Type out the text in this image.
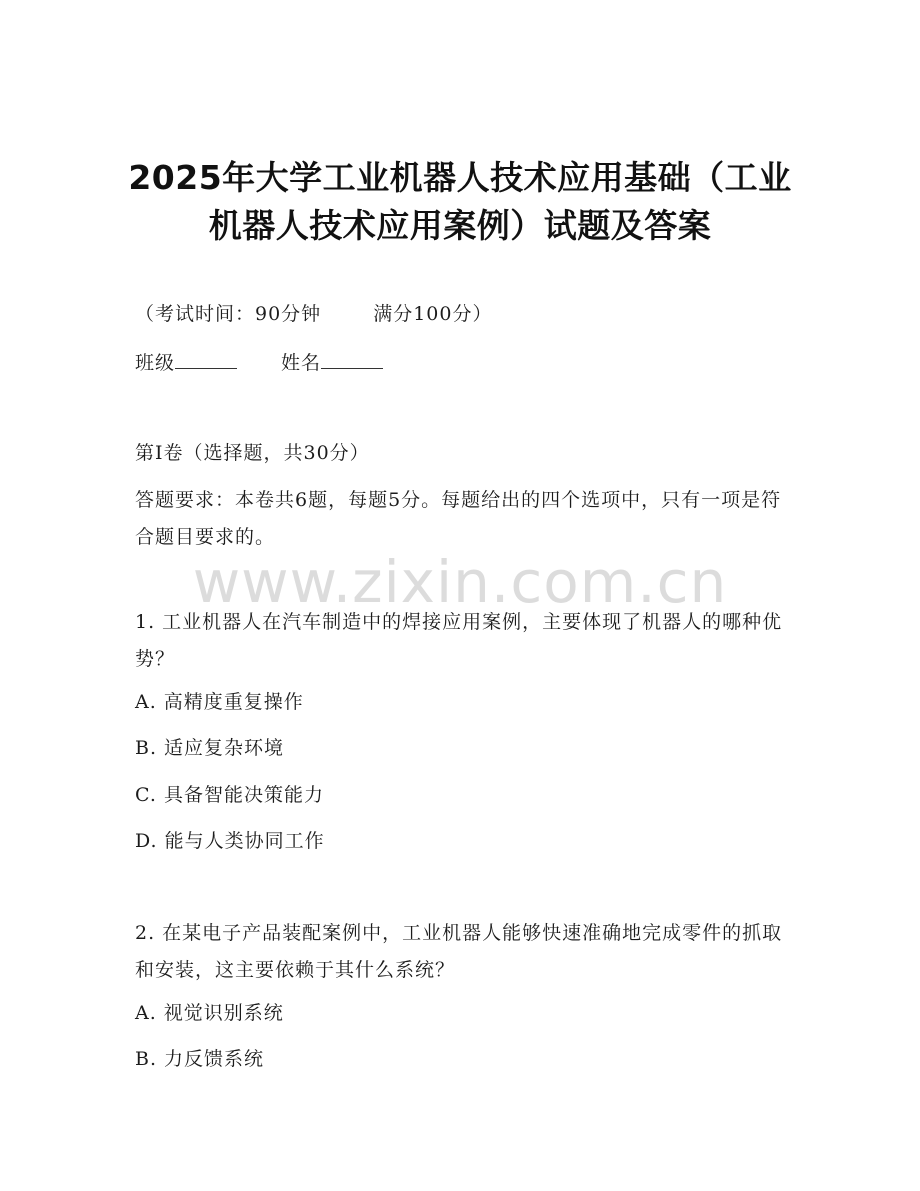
2025年大学工业机器人技术应用基础（工业
机器人技术应用案例）试题及答案
（考试时间：90分钟	满分100分）
班级	姓名
第Ⅰ卷（选择题，共30分）
答题要求：本卷共6题，每题5分。每题给出的四个选项中，只有一项是符合题目要求的。
www.zixin.com.cn
1. 工业机器人在汽车制造中的焊接应用案例，主要体现了机器人的哪种优势？
A. 高精度重复操作
B. 适应复杂环境
C. 具备智能决策能力
D. 能与人类协同工作
2. 在某电子产品装配案例中，工业机器人能够快速准确地完成零件的抓取和安装，这主要依赖于其什么系统？
A. 视觉识别系统
B. 力反馈系统
